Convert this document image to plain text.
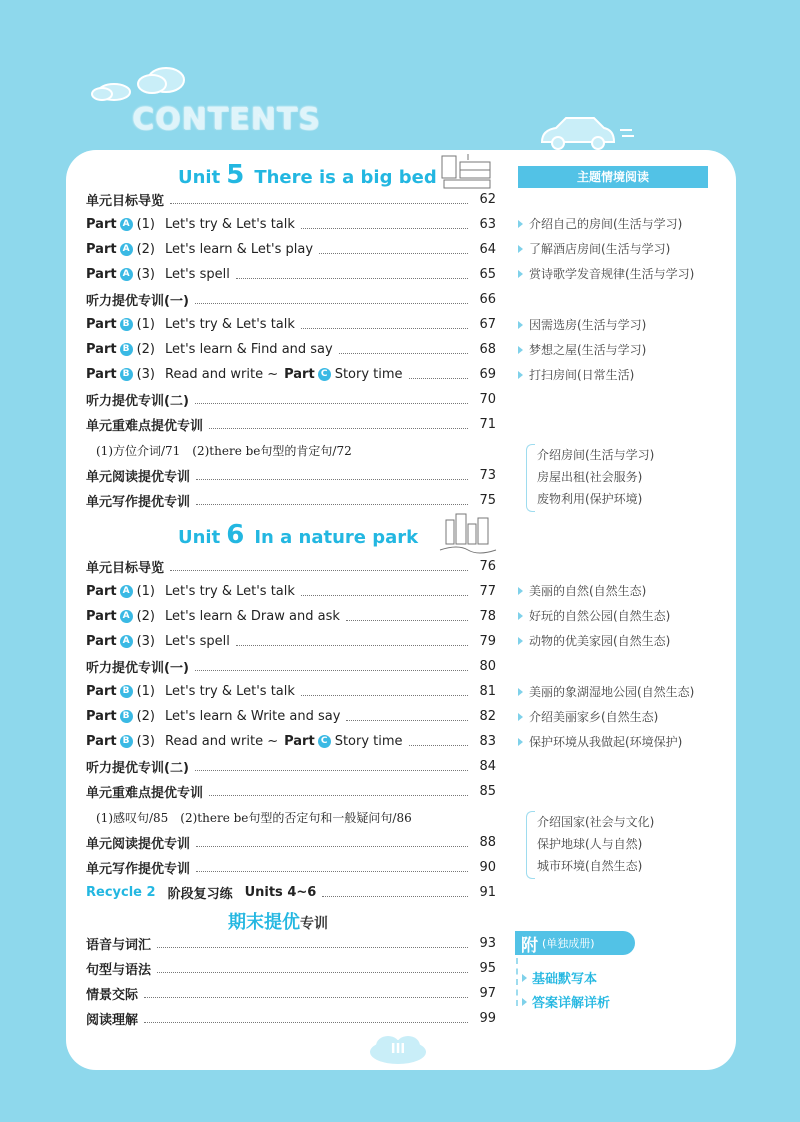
CONTENTS
Unit 5 There is a big bed
单元目标导览	62
Part A (1) Let's try & Let's talk	63
Part A (2) Let's learn & Let's play	64
Part A (3) Let's spell	65
听力提优专训(一)	66
Part B (1) Let's try & Let's talk	67
Part B (2) Let's learn & Find and say	68
Part B (3) Read and write ~ Part C Story time	69
听力提优专训(二)	70
单元重难点提优专训	71
(1)方位介词/71　(2)there be句型的肯定句/72
单元阅读提优专训	73
单元写作提优专训	75
Unit 6 In a nature park
单元目标导览	76
Part A (1) Let's try & Let's talk	77
Part A (2) Let's learn & Draw and ask	78
Part A (3) Let's spell	79
听力提优专训(一)	80
Part B (1) Let's try & Let's talk	81
Part B (2) Let's learn & Write and say	82
Part B (3) Read and write ~ Part C Story time	83
听力提优专训(二)	84
单元重难点提优专训	85
(1)感叹句/85　(2)there be句型的否定句和一般疑问句/86
单元阅读提优专训	88
单元写作提优专训	90
Recycle 2 阶段复习练 Units 4~6	91
期末提优专训
语音与词汇	93
句型与语法	95
情景交际	97
阅读理解	99
主题情境阅读
介绍自己的房间(生活与学习)
了解酒店房间(生活与学习)
赏诗歌学发音规律(生活与学习)
因需选房(生活与学习)
梦想之屋(生活与学习)
打扫房间(日常生活)
美丽的自然(自然生态)
好玩的自然公园(自然生态)
动物的优美家园(自然生态)
美丽的象湖湿地公园(自然生态)
介绍美丽家乡(自然生态)
保护环境从我做起(环境保护)
介绍房间(生活与学习)
房屋出租(社会服务)
废物利用(保护环境)
介绍国家(社会与文化)
保护地球(人与自然)
城市环境(自然生态)
附 (单独成册)
基础默写本
答案详解详析
III
